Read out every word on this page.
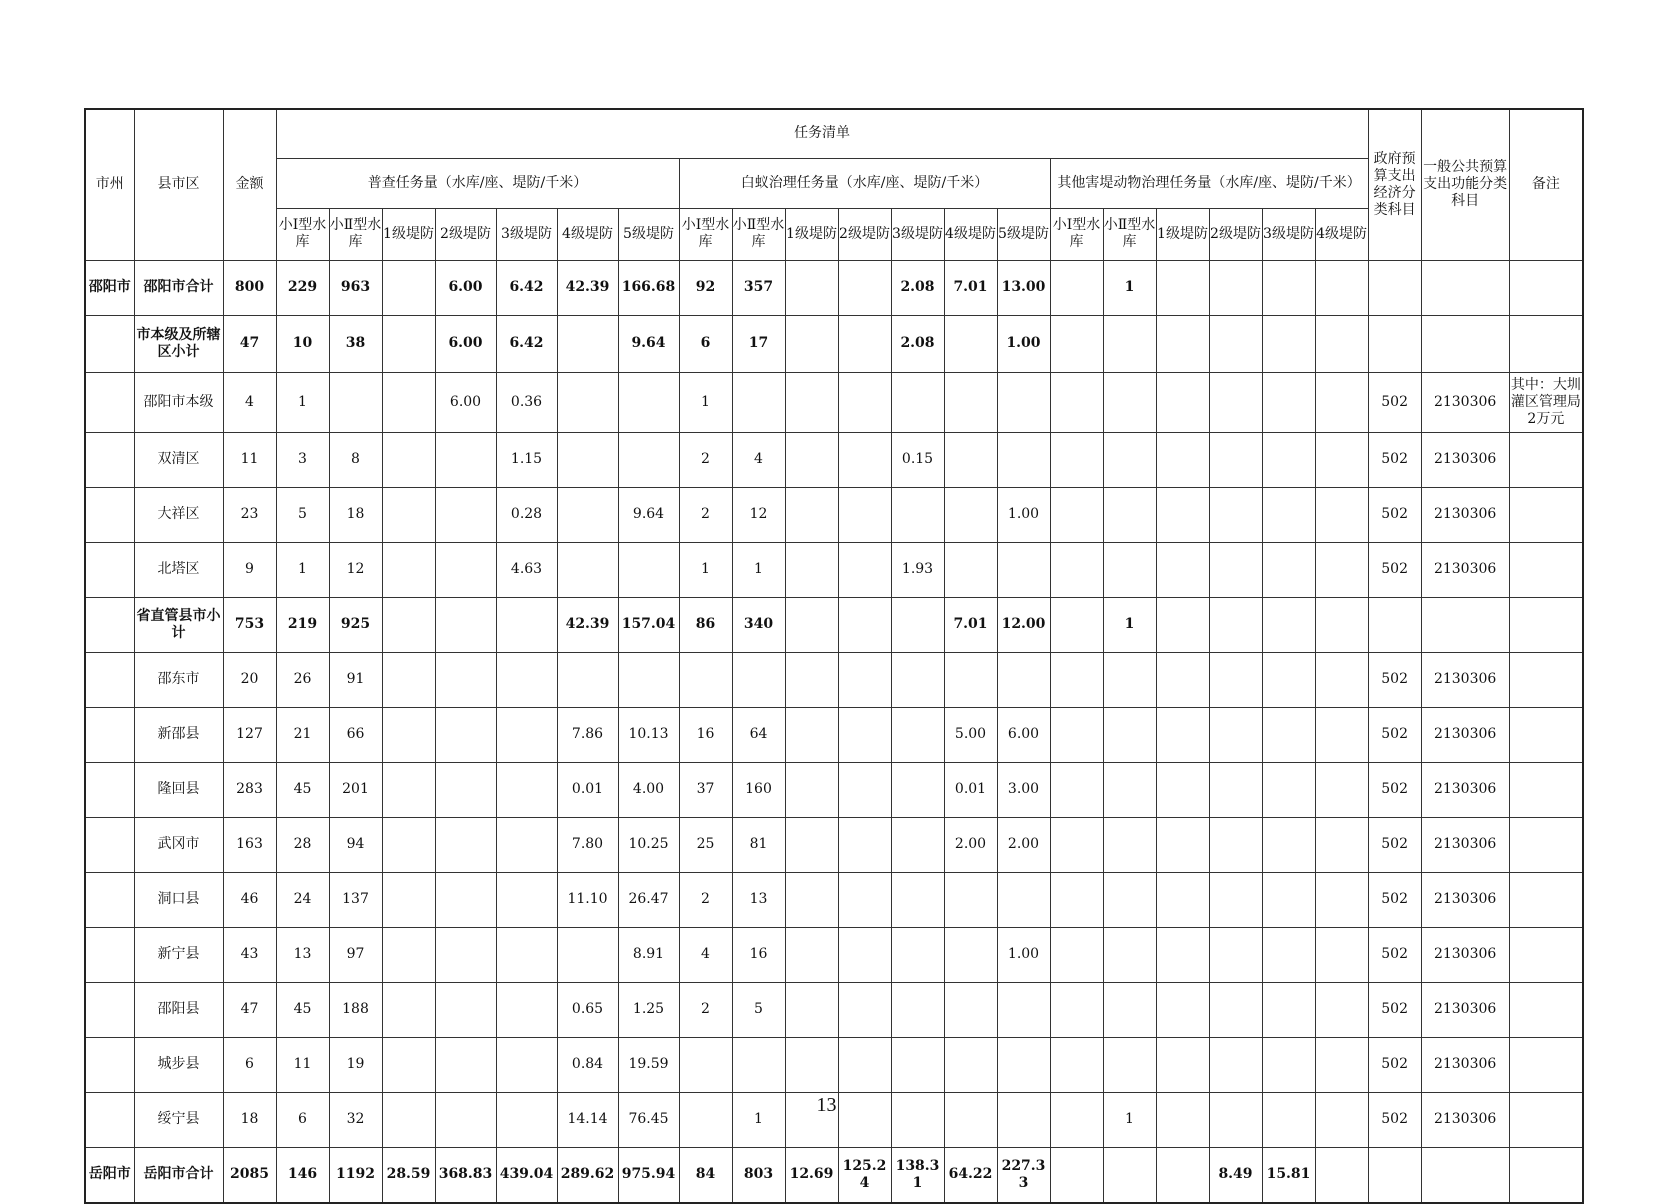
市州	县市区	金额	任务清单																				政府预算支出经济分类科目	一般公共预算支出功能分类科目	备注
			普查任务量（水库/座、堤防/千米）							白蚁治理任务量（水库/座、堤防/千米）							其他害堤动物治理任务量（水库/座、堤防/千米）								
			小Ⅰ型水库	小Ⅱ型水库	1级堤防	2级堤防	3级堤防	4级堤防	5级堤防	小Ⅰ型水库	小Ⅱ型水库	1级堤防	2级堤防	3级堤防	4级堤防	5级堤防	小Ⅰ型水库	小Ⅱ型水库	1级堤防	2级堤防	3级堤防	4级堤防			
邵阳市	邵阳市合计	800	229	963		6.00	6.42	42.39	166.68	92	357			2.08	7.01	13.00		1							

	市本级及所辖区小计	47	10	38		6.00	6.42		9.64	6	17			2.08		1.00									

	邵阳市本级	4	1			6.00	0.36			1													502	2130306	其中：大圳灌区管理局2万元

	双清区	11	3	8			1.15			2	4			0.15									502	2130306	

	大祥区	23	5	18			0.28		9.64	2	12					1.00							502	2130306	

	北塔区	9	1	12			4.63			1	1			1.93									502	2130306	

	省直管县市小计	753	219	925				42.39	157.04	86	340				7.01	12.00		1							

	邵东市	20	26	91																			502	2130306	

	新邵县	127	21	66				7.86	10.13	16	64				5.00	6.00							502	2130306	

	隆回县	283	45	201				0.01	4.00	37	160				0.01	3.00							502	2130306	

	武冈市	163	28	94				7.80	10.25	25	81				2.00	2.00							502	2130306	

	洞口县	46	24	137				11.10	26.47	2	13												502	2130306	

	新宁县	43	13	97					8.91	4	16					1.00							502	2130306	

	邵阳县	47	45	188				0.65	1.25	2	5												502	2130306	

	城步县	6	11	19				0.84	19.59														502	2130306	

	绥宁县	18	6	32				14.14	76.45		1							1					502	2130306	

岳阳市	岳阳市合计	2085	146	1192	28.59	368.83	439.04	289.62	975.94	84	803	12.69	125.24	138.31	64.22	227.33				8.49	15.81				
13
